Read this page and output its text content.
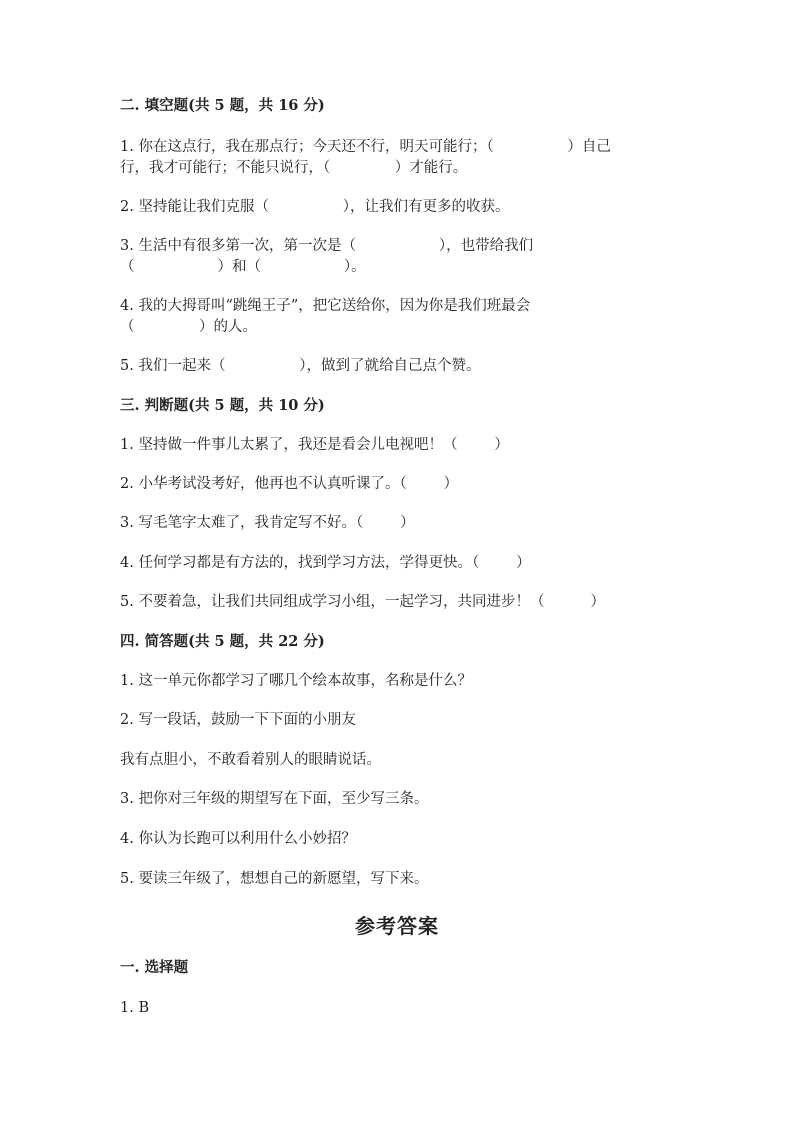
二. 填空题(共 5 题，共 16 分)
1. 你在这点行，我在那点行；今天还不行，明天可能行；（                ）自己
行，我才可能行；不能只说行，（              ）才能行。
2. 坚持能让我们克服（                ），让我们有更多的收获。
3. 生活中有很多第一次，第一次是（                  ），也带给我们
（                  ）和（                  ）。
4. 我的大拇哥叫“跳绳王子”，把它送给你，因为你是我们班最会
（              ）的人。
5. 我们一起来（                ），做到了就给自己点个赞。
三. 判断题(共 5 题，共 10 分)
1. 坚持做一件事儿太累了，我还是看会儿电视吧！（        ）
2. 小华考试没考好，他再也不认真听课了。（        ）
3. 写毛笔字太难了，我肯定写不好。（        ）
4. 任何学习都是有方法的，找到学习方法，学得更快。（        ）
5. 不要着急，让我们共同组成学习小组，一起学习，共同进步！（          ）
四. 简答题(共 5 题，共 22 分)
1. 这一单元你都学习了哪几个绘本故事，名称是什么？
2. 写一段话，鼓励一下下面的小朋友
我有点胆小，不敢看着别人的眼睛说话。
3. 把你对三年级的期望写在下面，至少写三条。
4. 你认为长跑可以利用什么小妙招？
5. 要读三年级了，想想自己的新愿望，写下来。
参考答案
一. 选择题
1. B
